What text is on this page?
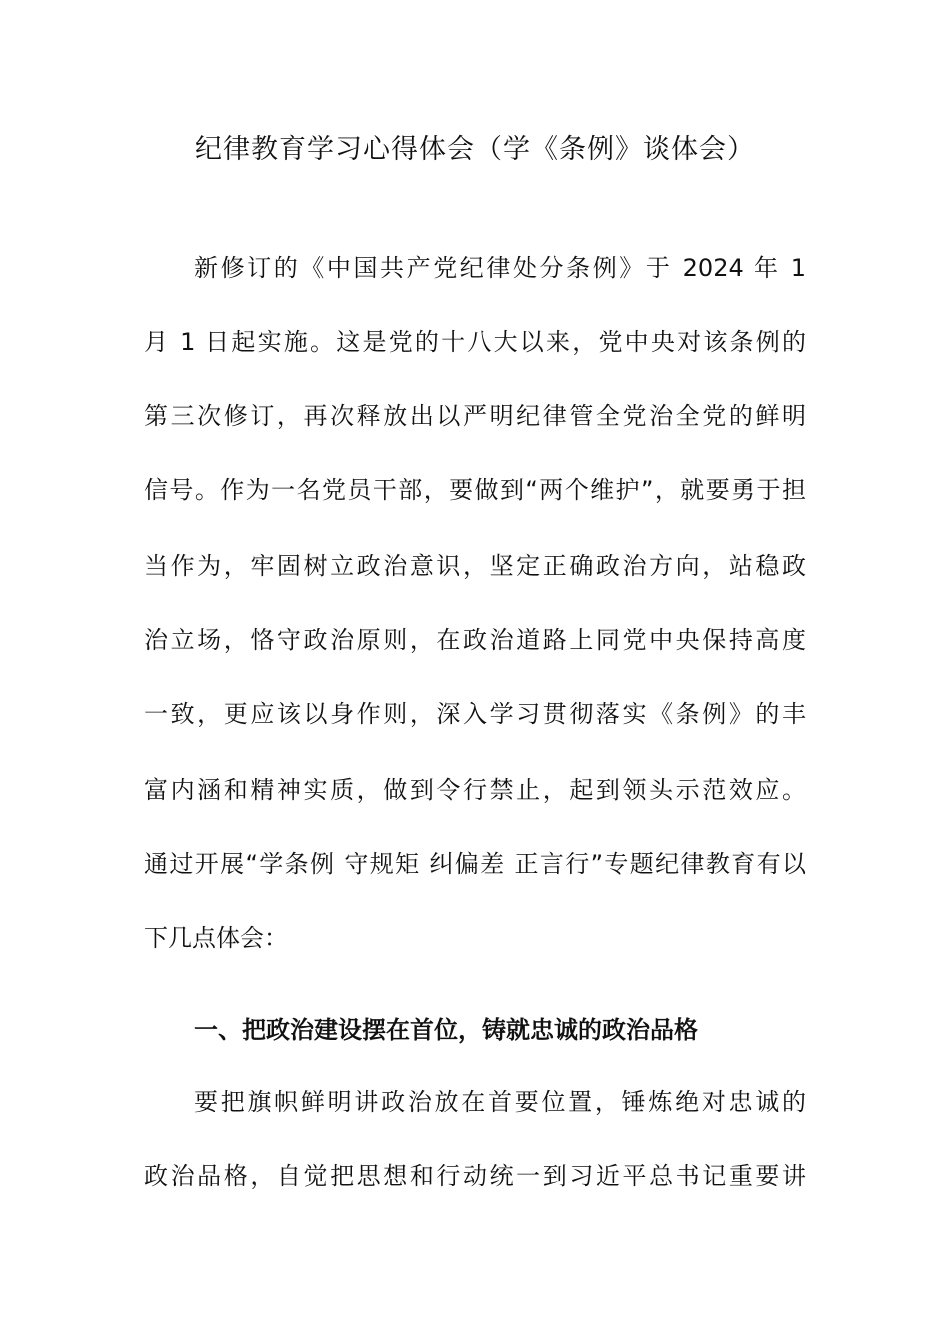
纪律教育学习心得体会（学《条例》谈体会）
新修订的《中国共产党纪律处分条例》于 2024 年 1
月 1 日起实施。这是党的十八大以来，党中央对该条例的
第三次修订，再次释放出以严明纪律管全党治全党的鲜明
信号。作为一名党员干部，要做到“两个维护”，就要勇于担
当作为，牢固树立政治意识，坚定正确政治方向，站稳政
治立场，恪守政治原则，在政治道路上同党中央保持高度
一致，更应该以身作则，深入学习贯彻落实《条例》的丰
富内涵和精神实质，做到令行禁止，起到领头示范效应。
通过开展“学条例 守规矩 纠偏差 正言行”专题纪律教育有以
下几点体会：
一、把政治建设摆在首位，铸就忠诚的政治品格
要把旗帜鲜明讲政治放在首要位置，锤炼绝对忠诚的
政治品格，自觉把思想和行动统一到习近平总书记重要讲
